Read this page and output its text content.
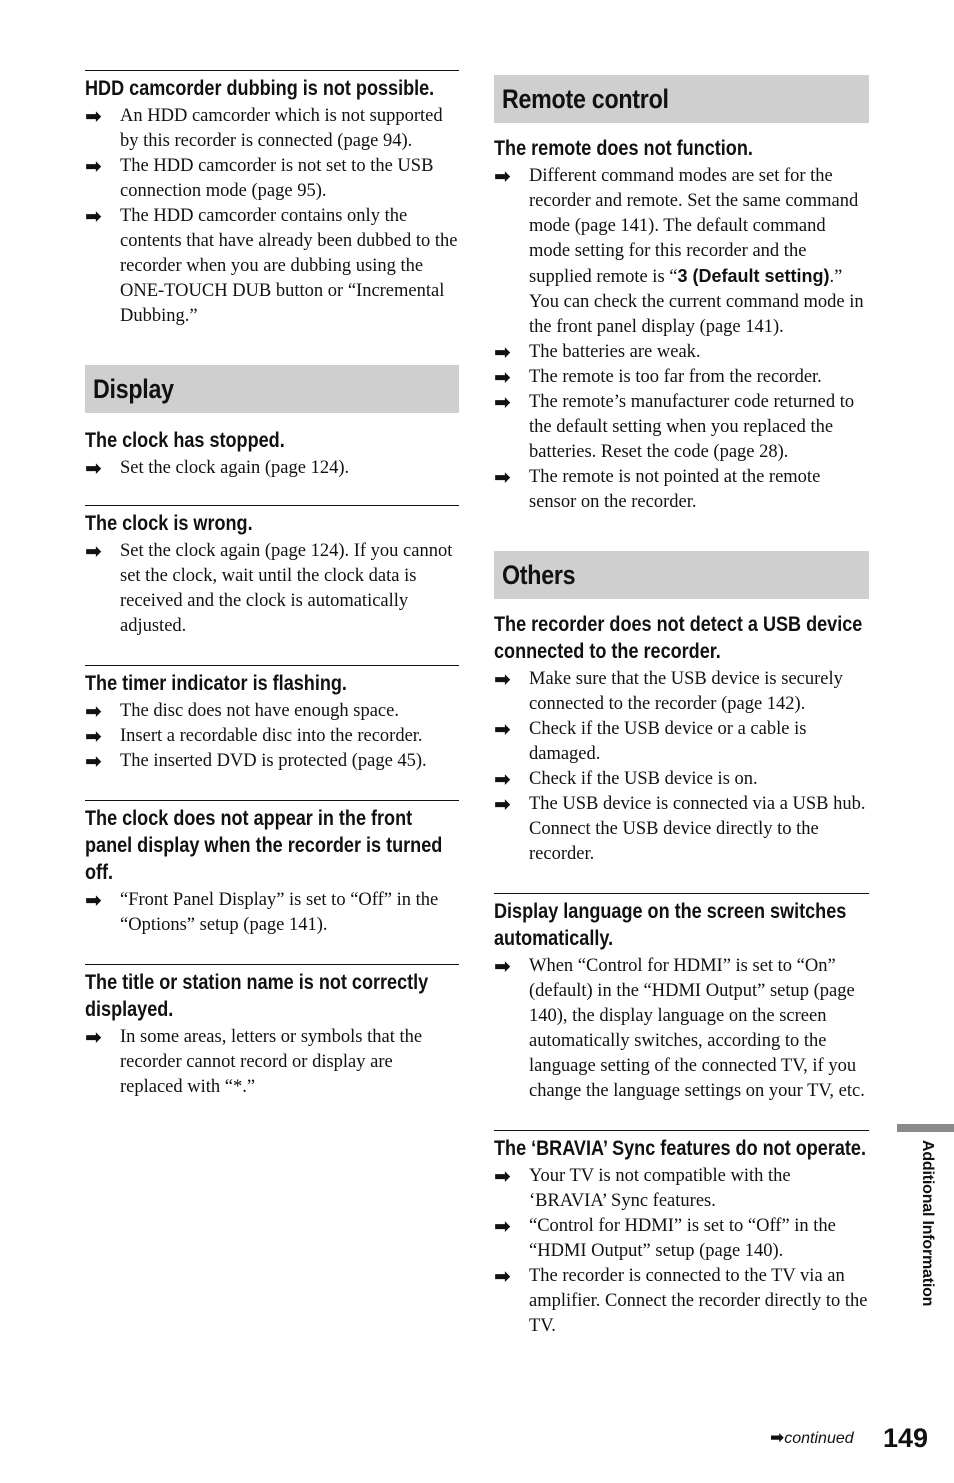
HDD camcorder dubbing is not possible.
➡ An HDD camcorder which is not supported by this recorder is connected (page 94).
➡ The HDD camcorder is not set to the USB connection mode (page 95).
➡ The HDD camcorder contains only the contents that have already been dubbed to the recorder when you are dubbing using the ONE-TOUCH DUB button or “Incremental Dubbing.”
Display
The clock has stopped.
➡ Set the clock again (page 124).
The clock is wrong.
➡ Set the clock again (page 124). If you cannot set the clock, wait until the clock data is received and the clock is automatically adjusted.
The timer indicator is flashing.
➡ The disc does not have enough space.
➡ Insert a recordable disc into the recorder.
➡ The inserted DVD is protected (page 45).
The clock does not appear in the front panel display when the recorder is turned off.
➡ “Front Panel Display” is set to “Off” in the “Options” setup (page 141).
The title or station name is not correctly displayed.
➡ In some areas, letters or symbols that the recorder cannot record or display are replaced with “*.”
Remote control
The remote does not function.
➡ Different command modes are set for the recorder and remote. Set the same command mode (page 141). The default command mode setting for this recorder and the supplied remote is “3 (Default setting).” You can check the current command mode in the front panel display (page 141).
➡ The batteries are weak.
➡ The remote is too far from the recorder.
➡ The remote’s manufacturer code returned to the default setting when you replaced the batteries. Reset the code (page 28).
➡ The remote is not pointed at the remote sensor on the recorder.
Others
The recorder does not detect a USB device connected to the recorder.
➡ Make sure that the USB device is securely connected to the recorder (page 142).
➡ Check if the USB device or a cable is damaged.
➡ Check if the USB device is on.
➡ The USB device is connected via a USB hub. Connect the USB device directly to the recorder.
Display language on the screen switches automatically.
➡ When “Control for HDMI” is set to “On” (default) in the “HDMI Output” setup (page 140), the display language on the screen automatically switches, according to the language setting of the connected TV, if you change the language settings on your TV, etc.
The ‘BRAVIA’ Sync features do not operate.
➡ Your TV is not compatible with the ‘BRAVIA’ Sync features.
➡ “Control for HDMI” is set to “Off” in the “HDMI Output” setup (page 140).
➡ The recorder is connected to the TV via an amplifier. Connect the recorder directly to the TV.
Additional Information
➡continued 149
